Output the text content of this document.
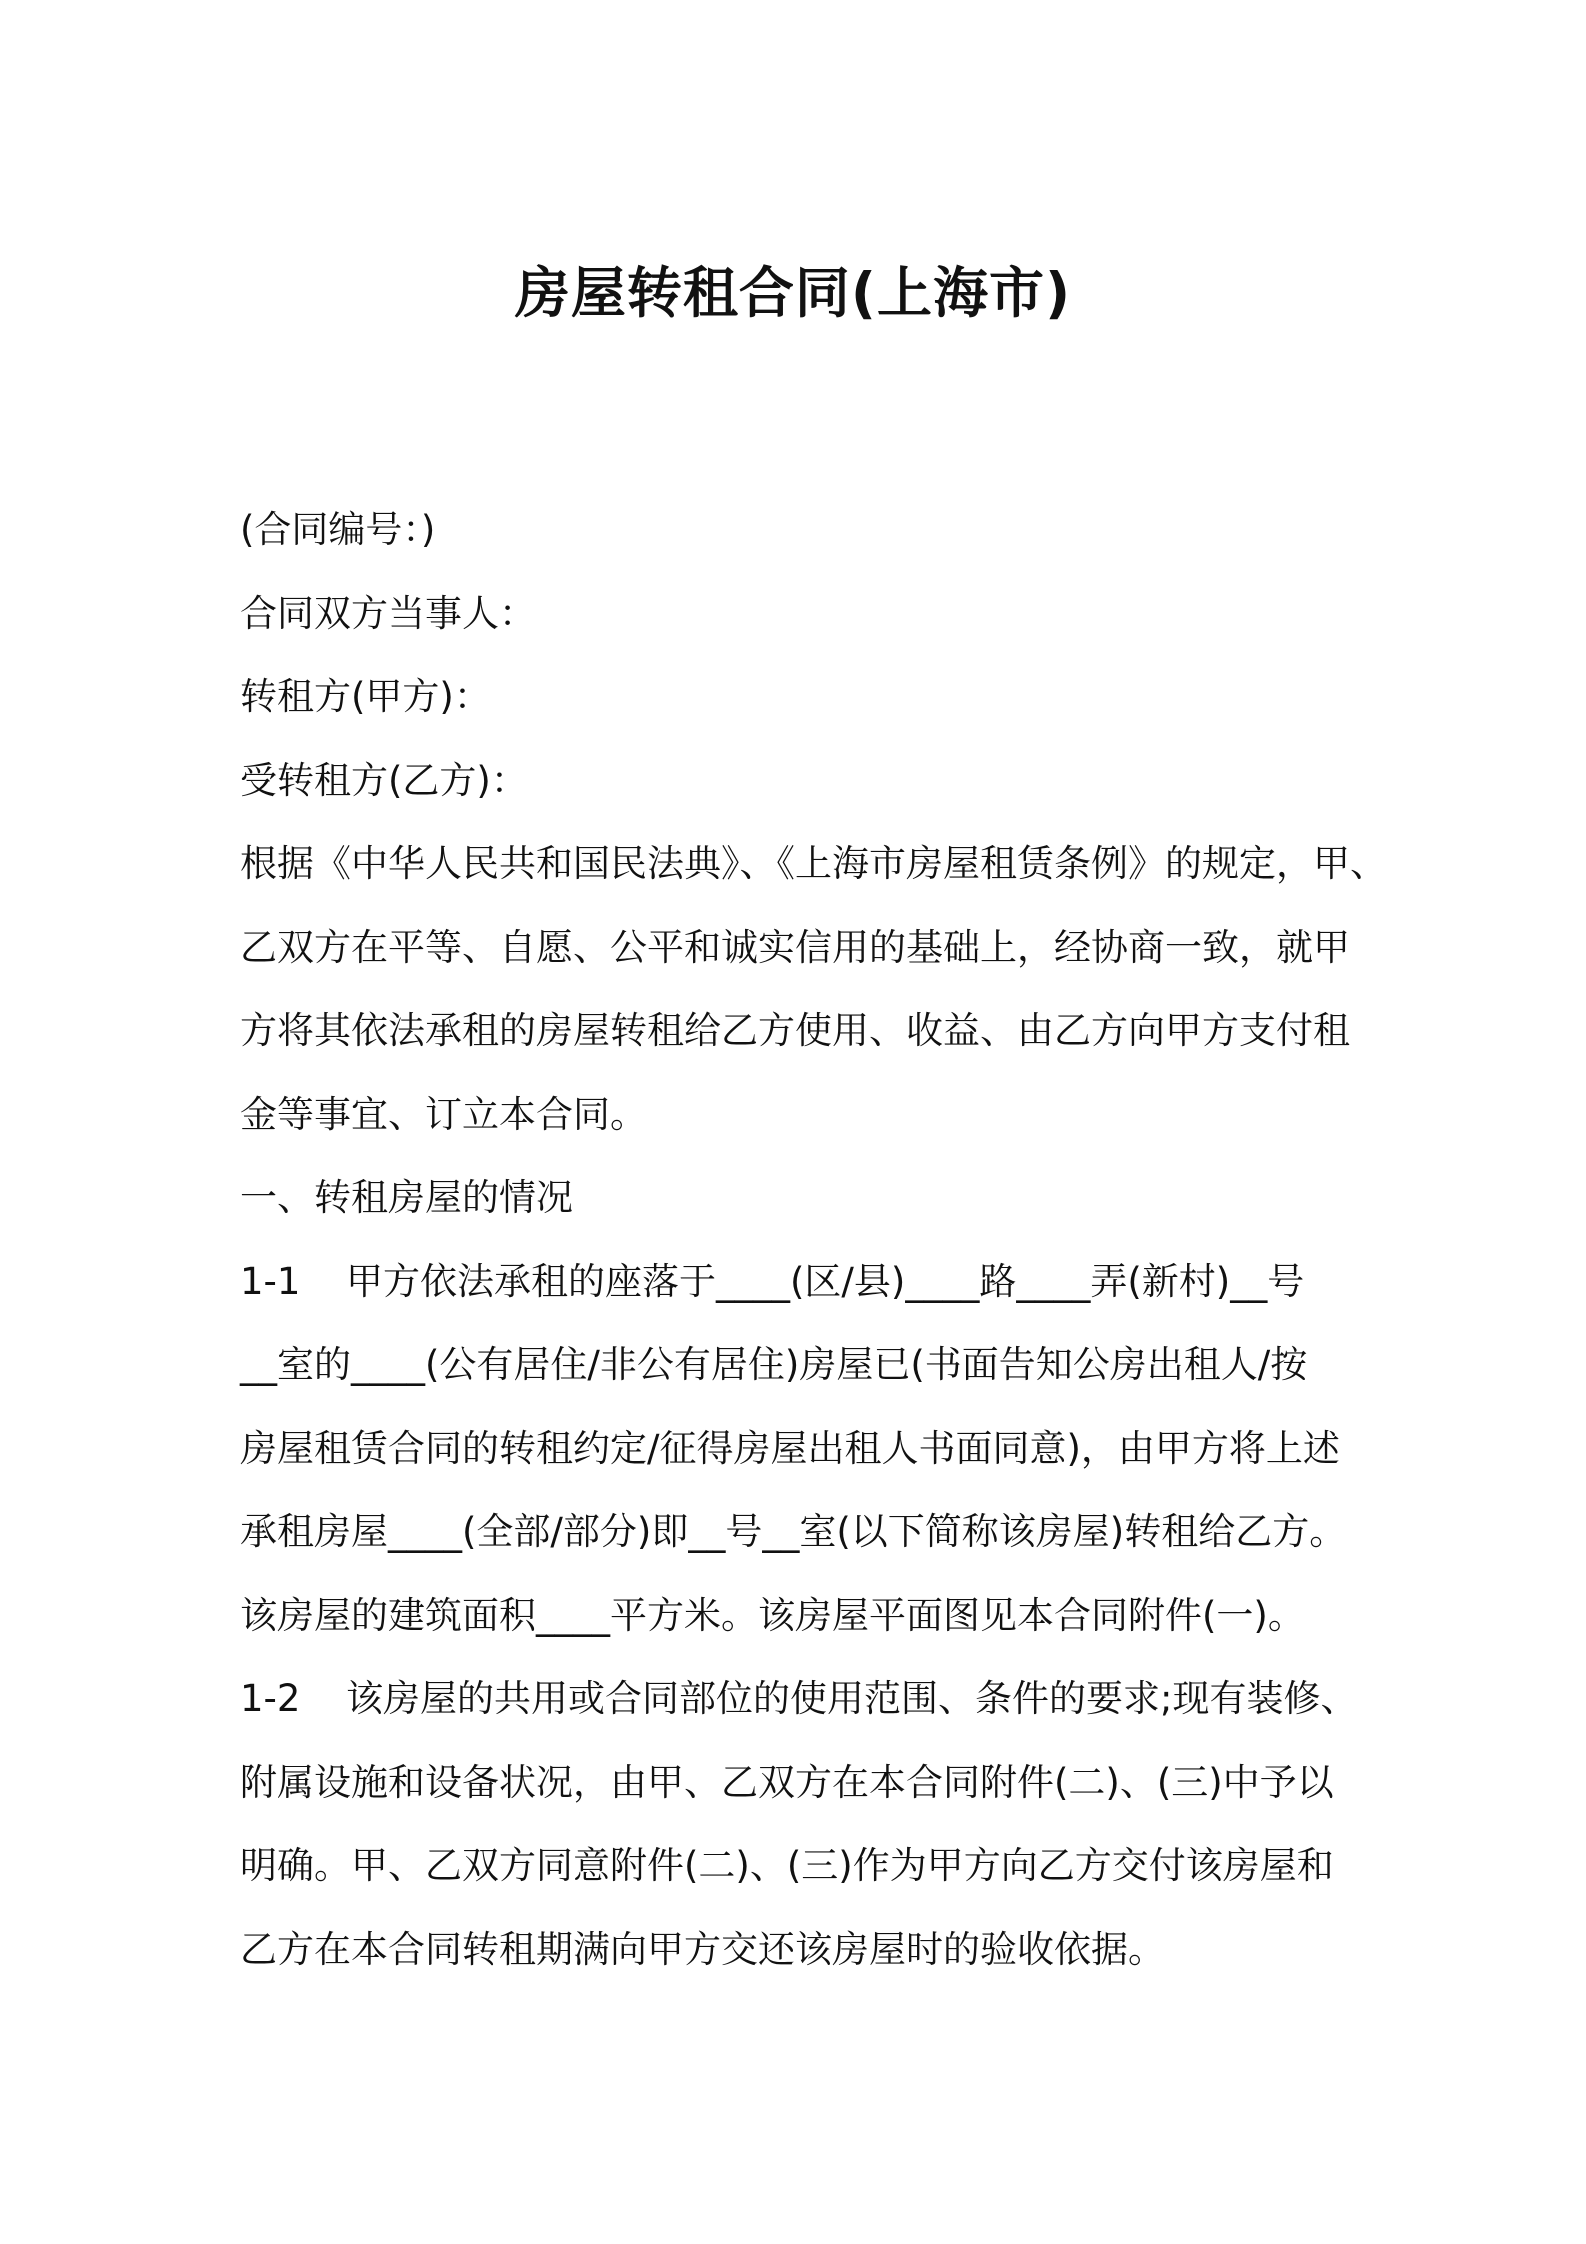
房屋转租合同(上海市)
(合同编号：)
合同双方当事人：
转租方(甲方)：
受转租方(乙方)：
根据《中华人民共和国民法典》、《上海市房屋租赁条例》的规定，甲、
乙双方在平等、自愿、公平和诚实信用的基础上，经协商一致，就甲
方将其依法承租的房屋转租给乙方使用、收益、由乙方向甲方支付租
金等事宜、订立本合同。
一、转租房屋的情况
1-1 甲方依法承租的座落于____(区/县)____路____弄(新村)__号
__室的____(公有居住/非公有居住)房屋已(书面告知公房出租人/按
房屋租赁合同的转租约定/征得房屋出租人书面同意)，由甲方将上述
承租房屋____(全部/部分)即__号__室(以下简称该房屋)转租给乙方。
该房屋的建筑面积____平方米。该房屋平面图见本合同附件(一)。
1-2 该房屋的共用或合同部位的使用范围、条件的要求;现有装修、
附属设施和设备状况，由甲、乙双方在本合同附件(二)、(三)中予以
明确。甲、乙双方同意附件(二)、(三)作为甲方向乙方交付该房屋和
乙方在本合同转租期满向甲方交还该房屋时的验收依据。
